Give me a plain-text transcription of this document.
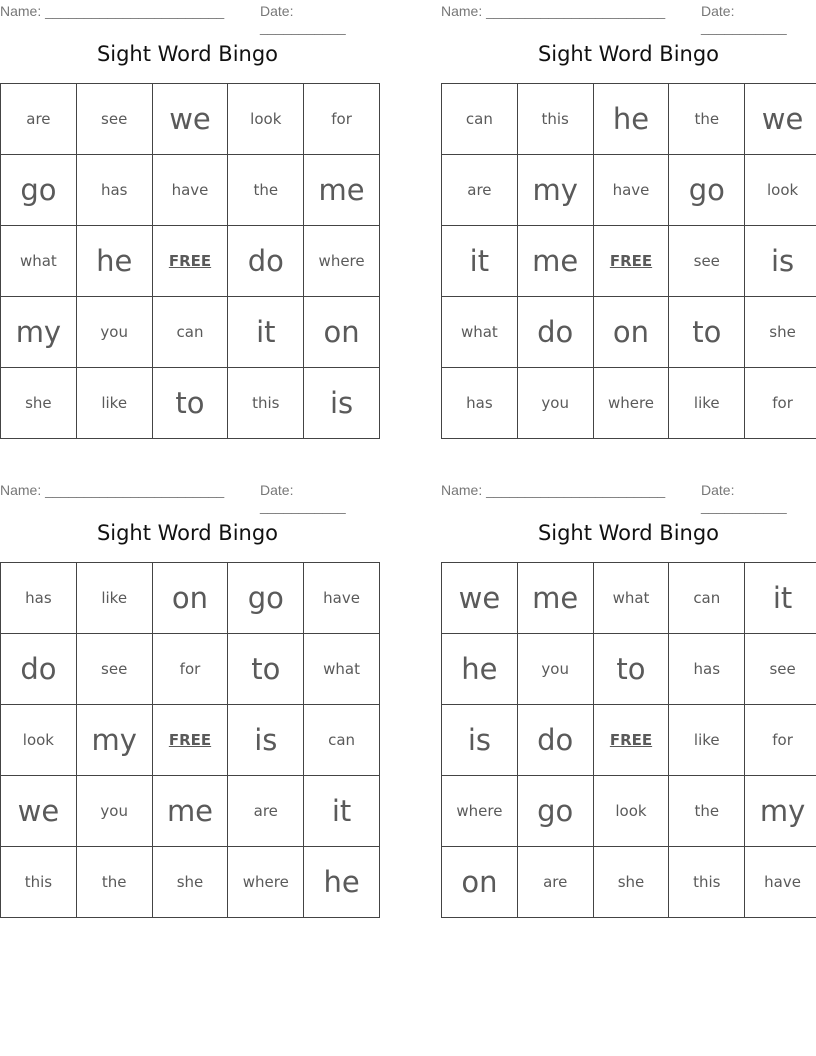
Name: _______________________	Date: ___________
Sight Word Bingo
are	see	we	look	for
go	has	have	the	me
what	he	FREE	do	where
my	you	can	it	on
she	like	to	this	is
Name: _______________________	Date: ___________
Sight Word Bingo
can	this	he	the	we
are	my	have	go	look
it	me	FREE	see	is
what	do	on	to	she
has	you	where	like	for
Name: _______________________	Date: ___________
Sight Word Bingo
has	like	on	go	have
do	see	for	to	what
look	my	FREE	is	can
we	you	me	are	it
this	the	she	where	he
Name: _______________________	Date: ___________
Sight Word Bingo
we	me	what	can	it
he	you	to	has	see
is	do	FREE	like	for
where	go	look	the	my
on	are	she	this	have
